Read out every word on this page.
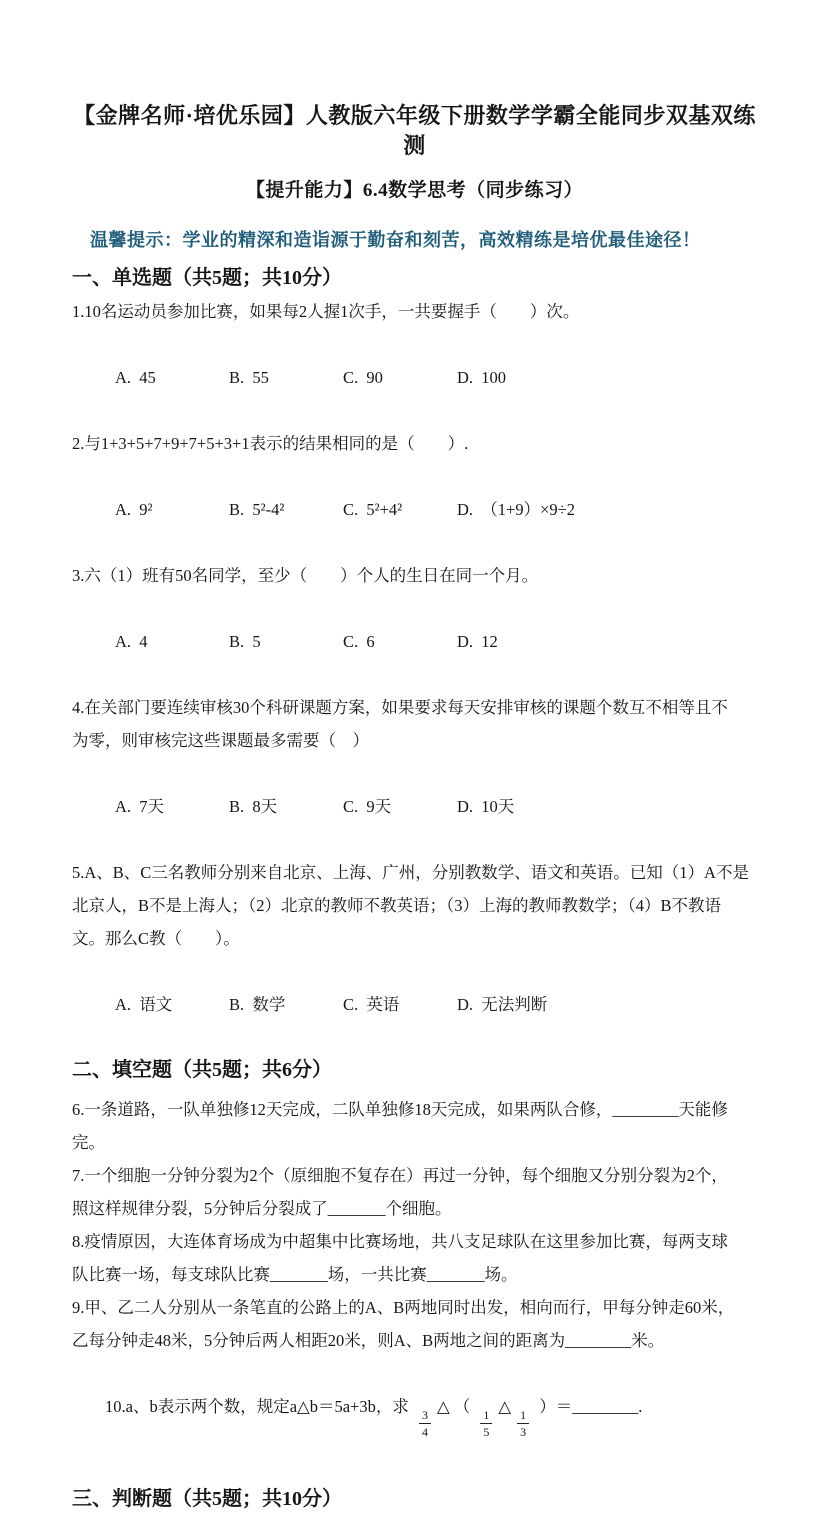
【金牌名师·培优乐园】人教版六年级下册数学学霸全能同步双基双练测
【提升能力】6.4数学思考（同步练习）
温馨提示：学业的精深和造诣源于勤奋和刻苦，高效精练是培优最佳途径！
一、单选题（共5题；共10分）
1.10名运动员参加比赛，如果每2人握1次手，一共要握手（　　）次。

A.  45	B.  55	C.  90	D.  100

2.与1+3+5+7+9+7+5+3+1表示的结果相同的是（　　）.

A.  9²	B.  5²-4²	C.  5²+4²	D.  （1+9）×9÷2

3.六（1）班有50名同学，至少（　　）个人的生日在同一个月。

A.  4	B.  5	C.  6	D.  12

4.在关部门要连续审核30个科研课题方案，如果要求每天安排审核的课题个数互不相等且不
为零，则审核完这些课题最多需要（　）

A.  7天	B.  8天	C.  9天	D.  10天

5.A、B、C三名教师分别来自北京、上海、广州，分别教数学、语文和英语。已知（1）A不是
北京人，B不是上海人；（2）北京的教师不教英语；（3）上海的教师教数学；（4）B不教语
文。那么C教（　　）。

A.  语文	B.  数学	C.  英语	D.  无法判断

二、填空题（共5题；共6分）
6.一条道路，一队单独修12天完成，二队单独修18天完成，如果两队合修，________天能修
完。
7.一个细胞一分钟分裂为2个（原细胞不复存在）再过一分钟，每个细胞又分别分裂为2个，
照这样规律分裂，5分钟后分裂成了_______个细胞。
8.疫情原因，大连体育场成为中超集中比赛场地，共八支足球队在这里参加比赛，每两支球
队比赛一场，每支球队比赛_______场，一共比赛_______场。
9.甲、乙二人分别从一条笔直的公路上的A、B两地同时出发，相向而行，甲每分钟走60米，
乙每分钟走48米，5分钟后两人相距20米，则A、B两地之间的距离为________米。

10.a、b表示两个数，规定a△b＝5a+3b，求
$\frac{3}{4}$
△ （
$\frac{1}{5}$
△
$\frac{1}{3}$
）＝________.

三、判断题（共5题；共10分）
